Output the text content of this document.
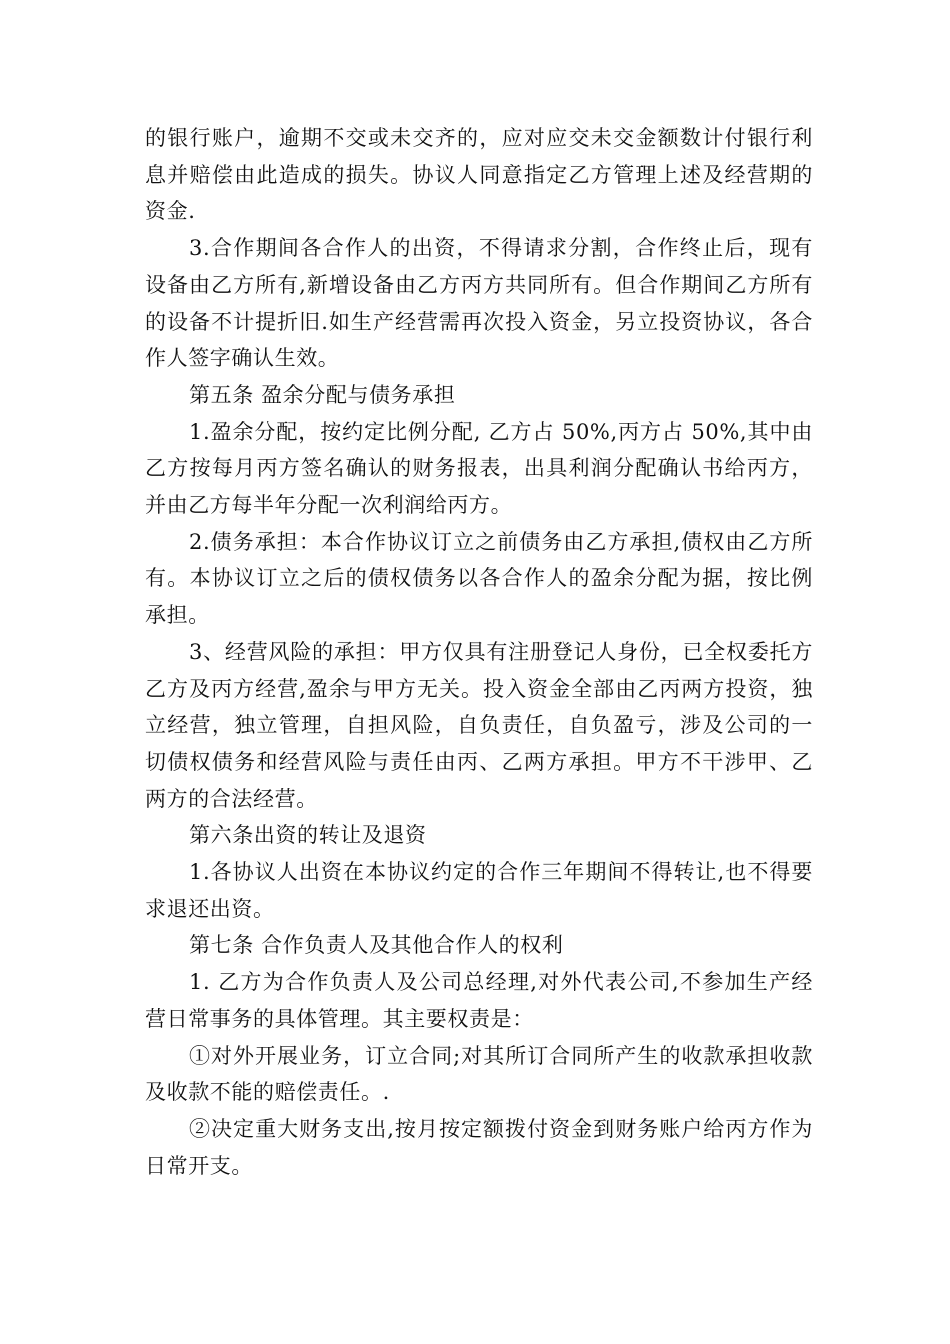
的银行账户，逾期不交或未交齐的，应对应交未交金额数计付银行利息并赔偿由此造成的损失。协议人同意指定乙方管理上述及经营期的资金.

3.合作期间各合作人的出资，不得请求分割，合作终止后，现有设备由乙方所有,新增设备由乙方丙方共同所有。但合作期间乙方所有的设备不计提折旧.如生产经营需再次投入资金，另立投资协议，各合作人签字确认生效。

第五条 盈余分配与债务承担

1.盈余分配，按约定比例分配, 乙方占 50%,丙方占 50%,其中由乙方按每月丙方签名确认的财务报表，出具利润分配确认书给丙方，并由乙方每半年分配一次利润给丙方。

2.债务承担：本合作协议订立之前债务由乙方承担,债权由乙方所有。本协议订立之后的债权债务以各合作人的盈余分配为据，按比例承担。

3、经营风险的承担：甲方仅具有注册登记人身份，已全权委托方乙方及丙方经营,盈余与甲方无关。投入资金全部由乙丙两方投资，独立经营，独立管理，自担风险，自负责任，自负盈亏，涉及公司的一切债权债务和经营风险与责任由丙、乙两方承担。甲方不干涉甲、乙两方的合法经营。

第六条出资的转让及退资

1.各协议人出资在本协议约定的合作三年期间不得转让,也不得要求退还出资。

第七条 合作负责人及其他合作人的权利

1. 乙方为合作负责人及公司总经理,对外代表公司,不参加生产经营日常事务的具体管理。其主要权责是：

①对外开展业务，订立合同;对其所订合同所产生的收款承担收款及收款不能的赔偿责任。.

②决定重大财务支出,按月按定额拨付资金到财务账户给丙方作为日常开支。
